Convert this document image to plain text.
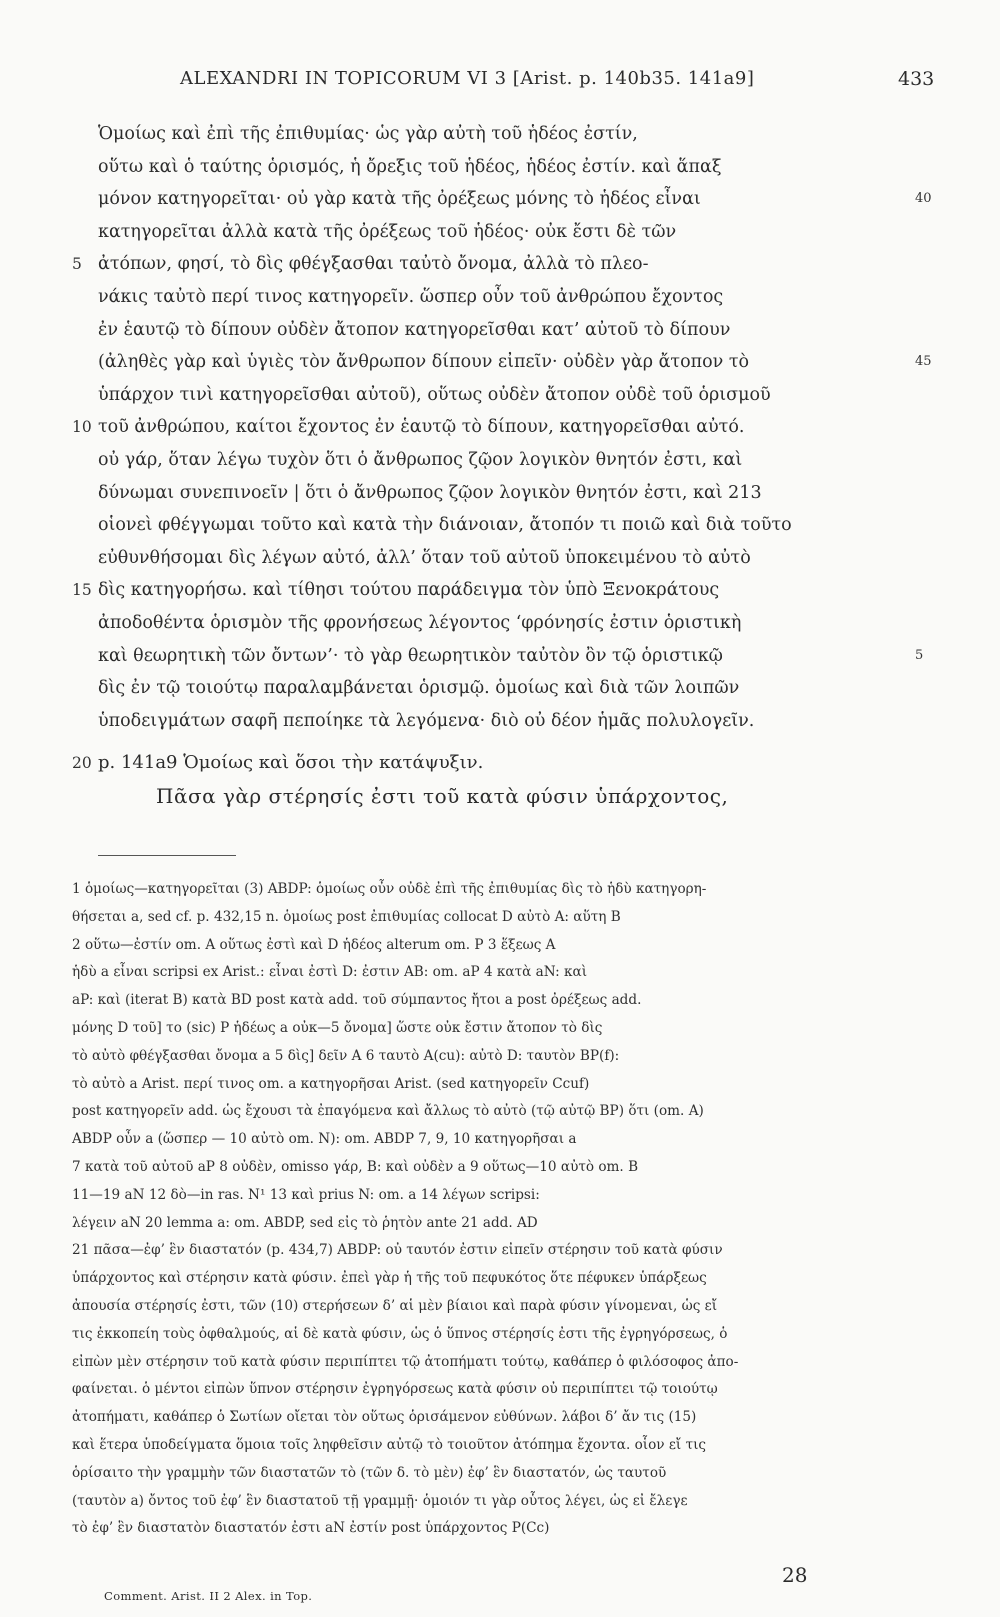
ALEXANDRI IN TOPICORUM VI 3 [Arist. p. 140b35. 141a9]	433
Ὁμοίως καὶ ἐπὶ τῆς ἐπιθυμίας· ὡς γὰρ αὐτὴ τοῦ ἡδέος ἐστίν,
οὕτω καὶ ὁ ταύτης ὁρισμός, ἡ ὄρεξις τοῦ ἡδέος, ἡδέος ἐστίν. καὶ ἅπαξ
μόνον κατηγορεῖται· οὐ γὰρ κατὰ τῆς ὀρέξεως μόνης τὸ ἡδέος εἶναι	40
κατηγορεῖται ἀλλὰ κατὰ τῆς ὀρέξεως τοῦ ἡδέος· οὐκ ἔστι δὲ τῶν
5 ἀτόπων, φησί, τὸ δὶς φθέγξασθαι ταὐτὸ ὄνομα, ἀλλὰ τὸ πλεο-
νάκις ταὐτὸ περί τινος κατηγορεῖν. ὥσπερ οὖν τοῦ ἀνθρώπου ἔχοντος
ἐν ἑαυτῷ τὸ δίπουν οὐδὲν ἄτοπον κατηγορεῖσθαι κατ’ αὐτοῦ τὸ δίπουν
(ἀληθὲς γὰρ καὶ ὑγιὲς τὸν ἄνθρωπον δίπουν εἰπεῖν· οὐδὲν γὰρ ἄτοπον τὸ	45
ὑπάρχον τινὶ κατηγορεῖσθαι αὐτοῦ), οὕτως οὐδὲν ἄτοπον οὐδὲ τοῦ ὁρισμοῦ
10 τοῦ ἀνθρώπου, καίτοι ἔχοντος ἐν ἑαυτῷ τὸ δίπουν, κατηγορεῖσθαι αὐτό.
οὐ γάρ, ὅταν λέγω τυχὸν ὅτι ὁ ἄνθρωπος ζῷον λογικὸν θνητόν ἐστι, καὶ
δύνωμαι συνεπινοεῖν | ὅτι ὁ ἄνθρωπος ζῷον λογικὸν θνητόν ἐστι, καὶ 213
οἱονεὶ φθέγγωμαι τοῦτο καὶ κατὰ τὴν διάνοιαν, ἄτοπόν τι ποιῶ καὶ διὰ τοῦτο
εὐθυνθήσομαι δὶς λέγων αὐτό, ἀλλ’ ὅταν τοῦ αὐτοῦ ὑποκειμένου τὸ αὐτὸ
15 δὶς κατηγορήσω. καὶ τίθησι τούτου παράδειγμα τὸν ὑπὸ Ξενοκράτους
ἀποδοθέντα ὁρισμὸν τῆς φρονήσεως λέγοντος ‘φρόνησίς ἐστιν ὁριστικὴ
καὶ θεωρητικὴ τῶν ὄντων’· τὸ γὰρ θεωρητικὸν ταὐτὸν ὂν τῷ ὁριστικῷ	5
δὶς ἐν τῷ τοιούτῳ παραλαμβάνεται ὁρισμῷ. ὁμοίως καὶ διὰ τῶν λοιπῶν
ὑποδειγμάτων σαφῆ πεποίηκε τὰ λεγόμενα· διὸ οὐ δέον ἡμᾶς πολυλογεῖν.
20 p. 141a9 Ὁμοίως καὶ ὅσοι τὴν κατάψυξιν.
Πᾶσα γὰρ στέρησίς ἐστι τοῦ κατὰ φύσιν ὑπάρχοντος,
1 ὁμοίως—κατηγορεῖται (3) ABDP: ὁμοίως οὖν οὐδὲ ἐπὶ τῆς ἐπιθυμίας δὶς τὸ ἡδὺ κατηγορη-
θήσεται a, sed cf. p. 432,15 n. ὁμοίως post ἐπιθυμίας collocat D αὐτὸ A: αὕτη B
2 οὕτω—ἐστίν om. A οὕτως ἐστὶ καὶ D ἡδέος alterum om. P 3 ἕξεως A
ἡδὺ a εἶναι scripsi ex Arist.: εἶναι ἐστὶ D: ἐστιν AB: om. aP 4 κατὰ aN: καὶ
aP: καὶ (iterat B) κατὰ BD post κατὰ add. τοῦ σύμπαντος ἤτοι a post ὀρέξεως add.
μόνης D τοῦ] το (sic) P ἡδέως a οὐκ—5 ὄνομα] ὥστε οὐκ ἔστιν ἄτοπον τὸ δὶς
τὸ αὐτὸ φθέγξασθαι ὄνομα a 5 δὶς] δεῖν A 6 ταυτὸ A(cu): αὐτὸ D: ταυτὸν BP(f):
τὸ αὐτὸ a Arist. περί τινος om. a κατηγορῆσαι Arist. (sed κατηγορεῖν Ccuf)
post κατηγορεῖν add. ὡς ἔχουσι τὰ ἐπαγόμενα καὶ ἄλλως τὸ αὐτὸ (τῷ αὐτῷ BP) ὅτι (om. A)
ABDP οὖν a (ὥσπερ — 10 αὐτὸ om. N): om. ABDP 7, 9, 10 κατηγορῆσαι a
7 κατὰ τοῦ αὐτοῦ aP 8 οὐδὲν, omisso γάρ, B: καὶ οὐδὲν a 9 οὕτως—10 αὐτὸ om. B
11—19 aN 12 δὸ—in ras. N¹ 13 καὶ prius N: om. a 14 λέγων scripsi:
λέγειν aN 20 lemma a: om. ABDP, sed εἰς τὸ ῥητὸν ante 21 add. AD
21 πᾶσα—ἐφ’ ἓν διαστατόν (p. 434,7) ABDP: οὐ ταυτόν ἐστιν εἰπεῖν στέρησιν τοῦ κατὰ φύσιν
ὑπάρχοντος καὶ στέρησιν κατὰ φύσιν. ἐπεὶ γὰρ ἡ τῆς τοῦ πεφυκότος ὅτε πέφυκεν ὑπάρξεως
ἀπουσία στέρησίς ἐστι, τῶν (10) στερήσεων δ’ αἱ μὲν βίαιοι καὶ παρὰ φύσιν γίνομεναι, ὡς εἴ
τις ἐκκοπείη τοὺς ὀφθαλμούς, αἱ δὲ κατὰ φύσιν, ὡς ὁ ὕπνος στέρησίς ἐστι τῆς ἐγρηγόρσεως, ὁ
εἰπὼν μὲν στέρησιν τοῦ κατὰ φύσιν περιπίπτει τῷ ἀτοπήματι τούτῳ, καθάπερ ὁ φιλόσοφος ἀπο-
φαίνεται. ὁ μέντοι εἰπὼν ὕπνον στέρησιν ἐγρηγόρσεως κατὰ φύσιν οὐ περιπίπτει τῷ τοιούτῳ
ἀτοπήματι, καθάπερ ὁ Σωτίων οἴεται τὸν οὕτως ὁρισάμενον εὐθύνων. λάβοι δ’ ἄν τις (15)
καὶ ἕτερα ὑποδείγματα ὅμοια τοῖς ληφθεῖσιν αὐτῷ τὸ τοιοῦτον ἀτόπημα ἔχοντα. οἷον εἴ τις
ὁρίσαιτο τὴν γραμμὴν τῶν διαστατῶν τὸ (τῶν δ. τὸ μὲν) ἐφ’ ἓν διαστατόν, ὡς ταυτοῦ
(ταυτὸν a) ὄντος τοῦ ἐφ’ ἓν διαστατοῦ τῇ γραμμῇ· ὁμοιόν τι γὰρ οὗτος λέγει, ὡς εἰ ἔλεγε
τὸ ἐφ’ ἓν διαστατὸν διαστατόν ἐστι aN ἐστίν post ὑπάρχοντος P(Cc)
28
Comment. Arist. II 2 Alex. in Top.
